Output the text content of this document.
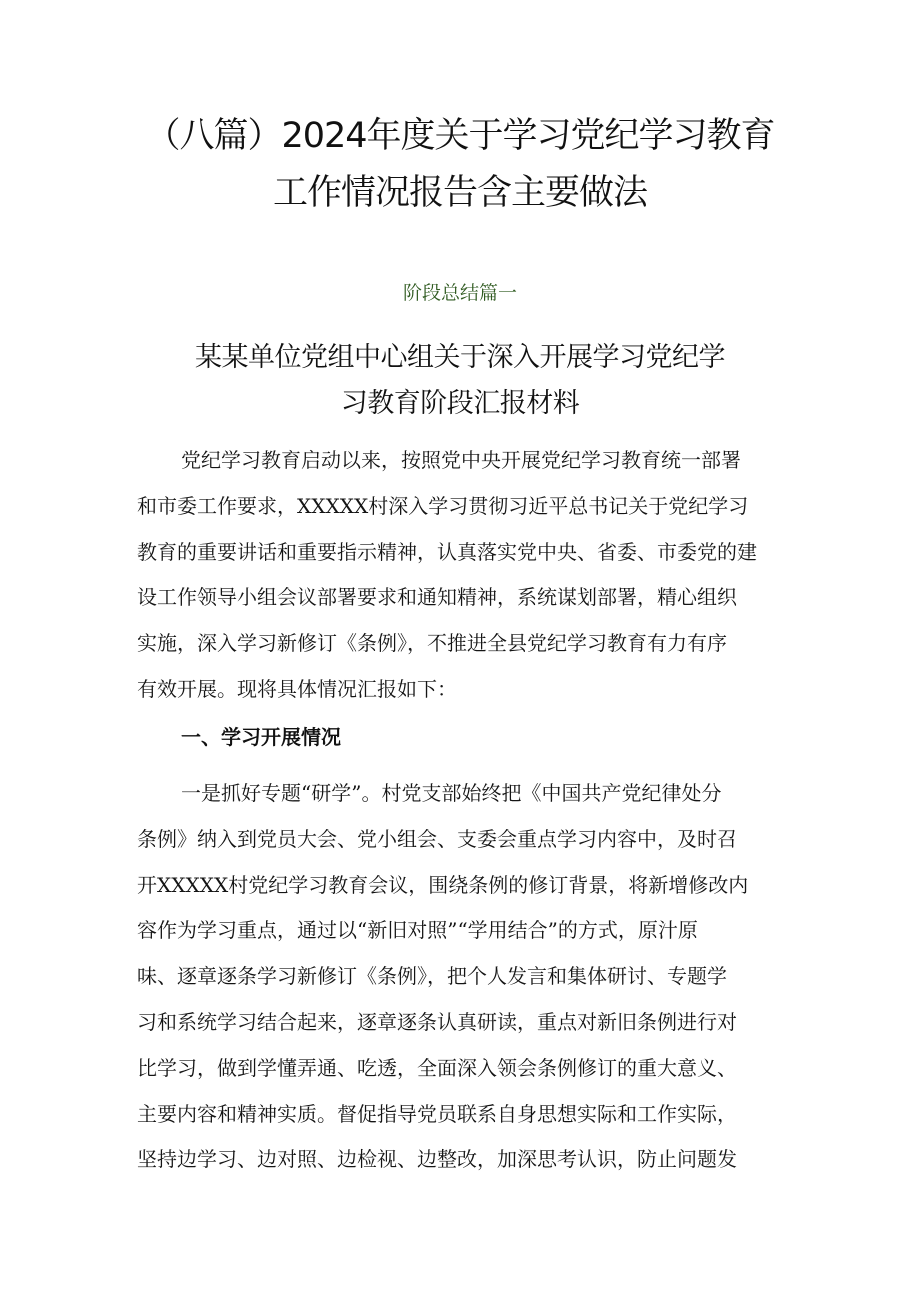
（八篇）2024年度关于学习党纪学习教育
工作情况报告含主要做法
阶段总结篇一
某某单位党组中心组关于深入开展学习党纪学
习教育阶段汇报材料
党纪学习教育启动以来，按照党中央开展党纪学习教育统一部署
和市委工作要求，XXXXX村深入学习贯彻习近平总书记关于党纪学习
教育的重要讲话和重要指示精神，认真落实党中央、省委、市委党的建
设工作领导小组会议部署要求和通知精神，系统谋划部署，精心组织
实施，深入学习新修订《条例》，不推进全县党纪学习教育有力有序
有效开展。现将具体情况汇报如下：
一、学习开展情况
一是抓好专题“研学”。村党支部始终把《中国共产党纪律处分
条例》纳入到党员大会、党小组会、支委会重点学习内容中，及时召
开XXXXX村党纪学习教育会议，围绕条例的修订背景，将新增修改内
容作为学习重点，通过以“新旧对照”“学用结合”的方式，原汁原
味、逐章逐条学习新修订《条例》，把个人发言和集体研讨、专题学
习和系统学习结合起来，逐章逐条认真研读，重点对新旧条例进行对
比学习，做到学懂弄通、吃透，全面深入领会条例修订的重大意义、
主要内容和精神实质。督促指导党员联系自身思想实际和工作实际，
坚持边学习、边对照、边检视、边整改，加深思考认识，防止问题发
